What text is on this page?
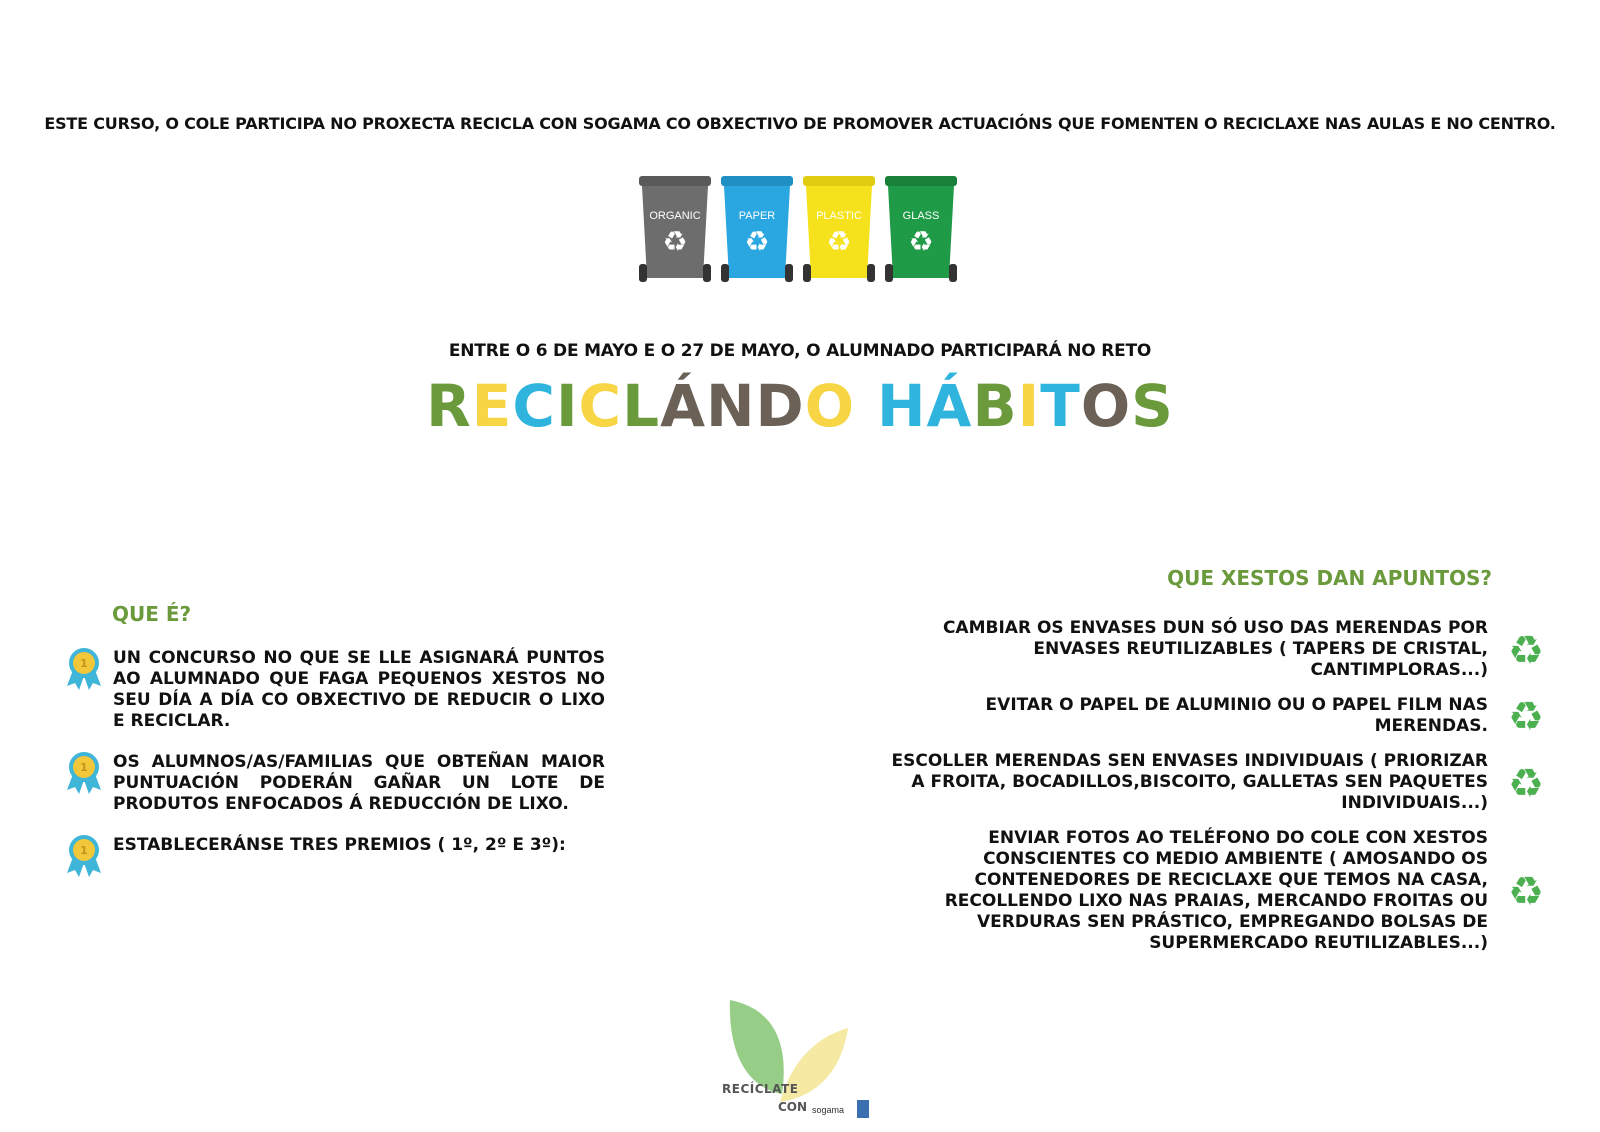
ESTE CURSO, O COLE PARTICIPA NO PROXECTA RECICLA CON SOGAMA CO OBXECTIVO DE PROMOVER ACTUACIÓNS QUE FOMENTEN O RECICLAXE NAS AULAS E NO CENTRO.
ORGANIC
♻
PAPER
♻
PLASTIC
♻
GLASS
♻
ENTRE O 6 DE MAYO E O 27 DE MAYO, O ALUMNADO PARTICIPARÁ NO RETO
RECICLÁNDO HÁBITOS
QUE É?
1 UN CONCURSO NO QUE SE LLE ASIGNARÁ PUNTOS AO ALUMNADO QUE FAGA PEQUENOS XESTOS NO SEU DÍA A DÍA CO OBXECTIVO DE REDUCIR O LIXO E RECICLAR.
1 OS ALUMNOS/AS/FAMILIAS QUE OBTEÑAN MAIOR PUNTUACIÓN PODERÁN GAÑAR UN LOTE DE PRODUTOS ENFOCADOS Á REDUCCIÓN DE LIXO.
1 ESTABLECERÁNSE TRES PREMIOS ( 1º, 2º E 3º):
QUE XESTOS DAN APUNTOS?
CAMBIAR OS ENVASES DUN SÓ USO DAS MERENDAS POR ENVASES REUTILIZABLES ( TAPERS DE CRISTAL, CANTIMPLORAS...) ♻
EVITAR O PAPEL DE ALUMINIO OU O PAPEL FILM NAS MERENDAS. ♻
ESCOLLER MERENDAS SEN ENVASES INDIVIDUAIS ( PRIORIZAR A FROITA, BOCADILLOS,BISCOITO, GALLETAS SEN PAQUETES INDIVIDUAIS...) ♻
ENVIAR FOTOS AO TELÉFONO DO COLE CON XESTOS CONSCIENTES CO MEDIO AMBIENTE ( AMOSANDO OS CONTENEDORES DE RECICLAXE QUE TEMOS NA CASA, RECOLLENDO LIXO NAS PRAIAS, MERCANDO FROITAS OU VERDURAS SEN PRÁSTICO, EMPREGANDO BOLSAS DE SUPERMERCADO REUTILIZABLES...)
♻
RECÍCLATE
CON sogama
